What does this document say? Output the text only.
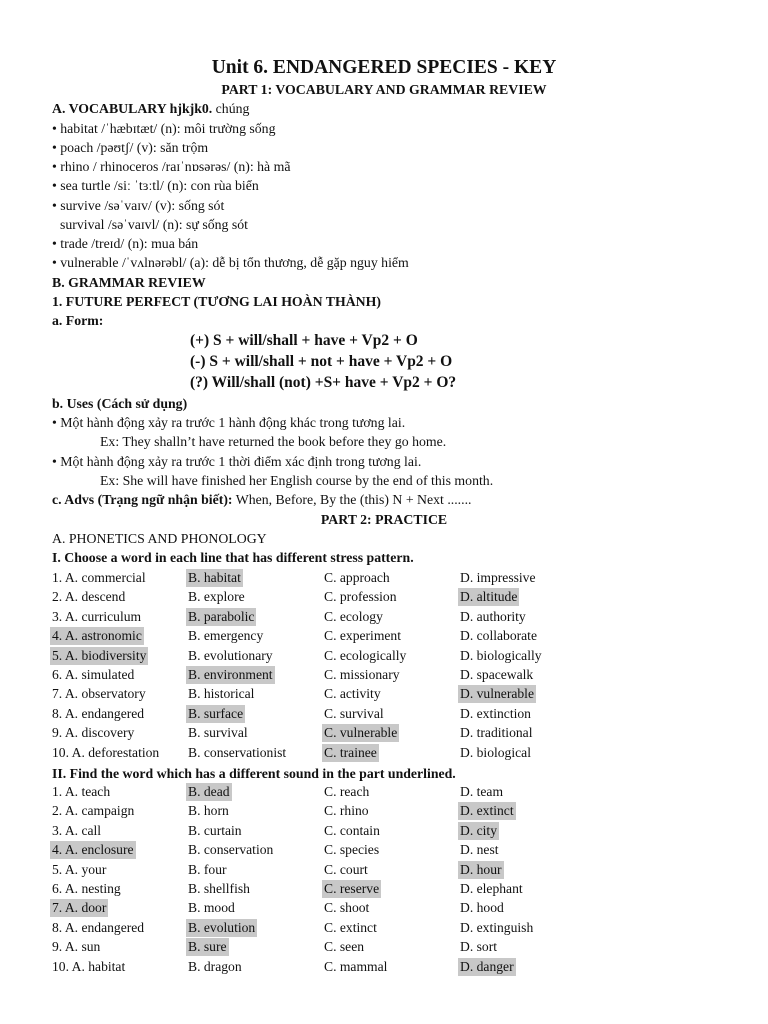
Unit 6. ENDANGERED SPECIES - KEY
PART 1: VOCABULARY AND GRAMMAR REVIEW
A. VOCABULARY hjkjk0. chúng
• habitat /ˈhæbɪtæt/ (n): môi trường sống
• poach /pəʊtʃ/ (v): săn trộm
• rhino / rhinoceros /raɪˈnɒsərəs/ (n): hà mã
• sea turtle /siː ˈtɜːtl/ (n): con rùa biển
• survive /səˈvaɪv/ (v): sống sót
survival /səˈvaɪvl/ (n): sự sống sót
• trade /treɪd/ (n): mua bán
• vulnerable /ˈvʌlnərəbl/ (a): dễ bị tổn thương, dễ gặp nguy hiểm
B. GRAMMAR REVIEW
1. FUTURE PERFECT (TƯƠNG LAI HOÀN THÀNH)
a. Form:
(+) S + will/shall + have + Vp2 + O
(-) S + will/shall + not + have + Vp2 + O
(?) Will/shall (not) +S+ have + Vp2 + O?
b. Uses (Cách sử dụng)
• Một hành động xảy ra trước 1 hành động khác trong tương lai.
Ex: They shalln’t have returned the book before they go home.
• Một hành động xảy ra trước 1 thời điểm xác định trong tương lai.
Ex: She will have finished her English course by the end of this month.
c. Advs (Trạng ngữ nhận biết): When, Before, By the (this) N + Next .......
PART 2: PRACTICE
A. PHONETICS AND PHONOLOGY
I. Choose a word in each line that has different stress pattern.
1. A. commercial	B. habitat	C. approach	D. impressive
2. A. descend	B. explore	C. profession	D. altitude
3. A. curriculum	B. parabolic	C. ecology	D. authority
4. A. astronomic	B. emergency	C. experiment	D. collaborate
5. A. biodiversity	B. evolutionary	C. ecologically	D. biologically
6. A. simulated	B. environment	C. missionary	D. spacewalk
7. A. observatory	B. historical	C. activity	D. vulnerable
8. A. endangered	B. surface	C. survival	D. extinction
9. A. discovery	B. survival	C. vulnerable	D. traditional
10. A. deforestation B. conservationist	C. trainee	D. biological
II. Find the word which has a different sound in the part underlined.
1. A. teach	B. dead	C. reach	D. team
2. A. campaign	B. horn	C. rhino	D. extinct
3. A. call	B. curtain	C. contain	D. city
4. A. enclosure	B. conservation	C. species	D. nest
5. A. your	B. four	C. court	D. hour
6. A. nesting	B. shellfish	C. reserve	D. elephant
7. A. door	B. mood	C. shoot	D. hood
8. A. endangered	B. evolution	C. extinct	D. extinguish
9. A. sun	B. sure	C. seen	D. sort
10. A. habitat	B. dragon	C. mammal	D. danger
